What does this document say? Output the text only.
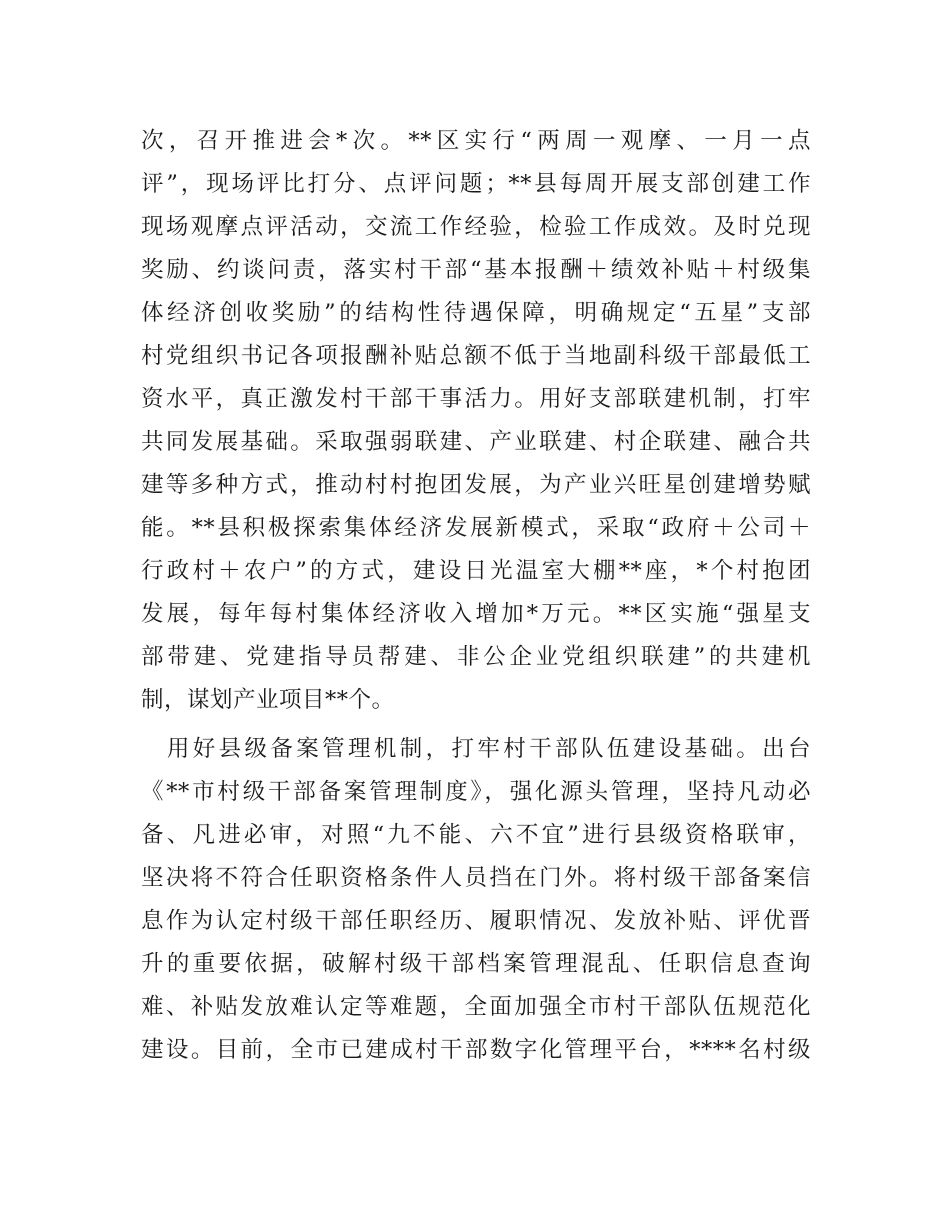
次，召开推进会*次。**区实行“两周一观摩、一月一点
评”，现场评比打分、点评问题；**县每周开展支部创建工作
现场观摩点评活动，交流工作经验，检验工作成效。及时兑现
奖励、约谈问责，落实村干部“基本报酬＋绩效补贴＋村级集
体经济创收奖励”的结构性待遇保障，明确规定“五星”支部
村党组织书记各项报酬补贴总额不低于当地副科级干部最低工
资水平，真正激发村干部干事活力。用好支部联建机制，打牢
共同发展基础。采取强弱联建、产业联建、村企联建、融合共
建等多种方式，推动村村抱团发展，为产业兴旺星创建增势赋
能。**县积极探索集体经济发展新模式，采取“政府＋公司＋
行政村＋农户”的方式，建设日光温室大棚**座，*个村抱团
发展，每年每村集体经济收入增加*万元。**区实施“强星支
部带建、党建指导员帮建、非公企业党组织联建”的共建机
制，谋划产业项目**个。
　用好县级备案管理机制，打牢村干部队伍建设基础。出台
《**市村级干部备案管理制度》，强化源头管理，坚持凡动必
备、凡进必审，对照“九不能、六不宜”进行县级资格联审，
坚决将不符合任职资格条件人员挡在门外。将村级干部备案信
息作为认定村级干部任职经历、履职情况、发放补贴、评优晋
升的重要依据，破解村级干部档案管理混乱、任职信息查询
难、补贴发放难认定等难题，全面加强全市村干部队伍规范化
建设。目前，全市已建成村干部数字化管理平台，****名村级
